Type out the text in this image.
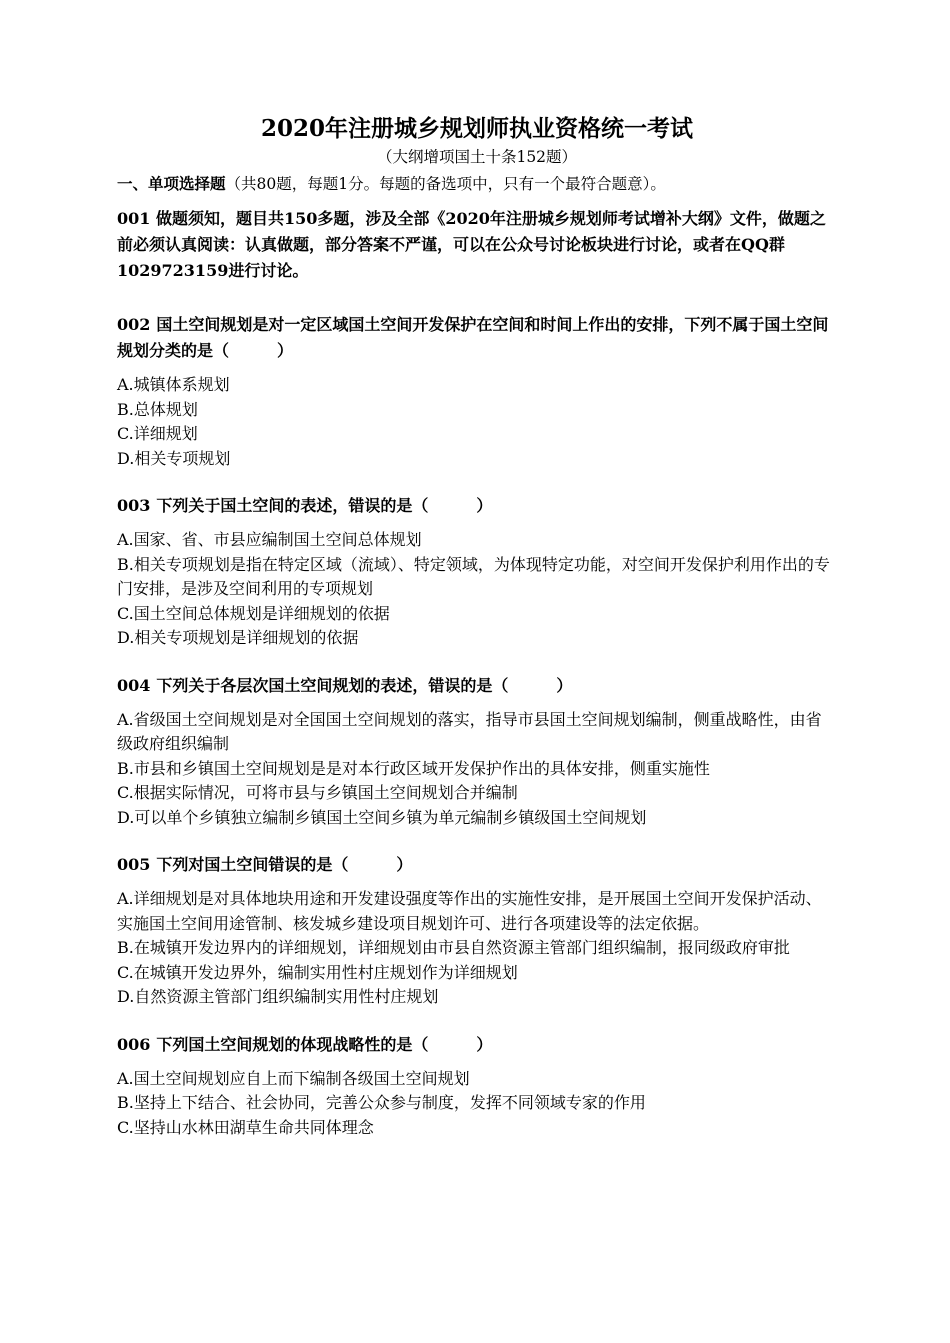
2020年注册城乡规划师执业资格统一考试

（大纲增项国土十条152题）

一、单项选择题（共80题，每题1分。每题的备选项中，只有一个最符合题意）。

001 做题须知，题目共150多题，涉及全部《2020年注册城乡规划师考试增补大纲》文件，做题之前必须认真阅读：认真做题，部分答案不严谨，可以在公众号讨论板块进行讨论，或者在QQ群1029723159进行讨论。

002 国土空间规划是对一定区域国土空间开发保护在空间和时间上作出的安排，下列不属于国土空间规划分类的是（　　　）

A.城镇体系规划

B.总体规划

C.详细规划

D.相关专项规划

003 下列关于国土空间的表述，错误的是（　　　）

A.国家、省、市县应编制国土空间总体规划

B.相关专项规划是指在特定区域（流域）、特定领域，为体现特定功能，对空间开发保护利用作出的专门安排，是涉及空间利用的专项规划

C.国土空间总体规划是详细规划的依据

D.相关专项规划是详细规划的依据

004 下列关于各层次国土空间规划的表述，错误的是（　　　）

A.省级国土空间规划是对全国国土空间规划的落实，指导市县国土空间规划编制，侧重战略性，由省级政府组织编制

B.市县和乡镇国土空间规划是是对本行政区域开发保护作出的具体安排，侧重实施性

C.根据实际情况，可将市县与乡镇国土空间规划合并编制

D.可以单个乡镇独立编制乡镇国土空间乡镇为单元编制乡镇级国土空间规划

005 下列对国土空间错误的是（　　　）

A.详细规划是对具体地块用途和开发建设强度等作出的实施性安排，是开展国土空间开发保护活动、实施国土空间用途管制、核发城乡建设项目规划许可、进行各项建设等的法定依据。

B.在城镇开发边界内的详细规划，详细规划由市县自然资源主管部门组织编制，报同级政府审批

C.在城镇开发边界外，编制实用性村庄规划作为详细规划

D.自然资源主管部门组织编制实用性村庄规划

006 下列国土空间规划的体现战略性的是（　　　）

A.国土空间规划应自上而下编制各级国土空间规划

B.坚持上下结合、社会协同，完善公众参与制度，发挥不同领域专家的作用

C.坚持山水林田湖草生命共同体理念
